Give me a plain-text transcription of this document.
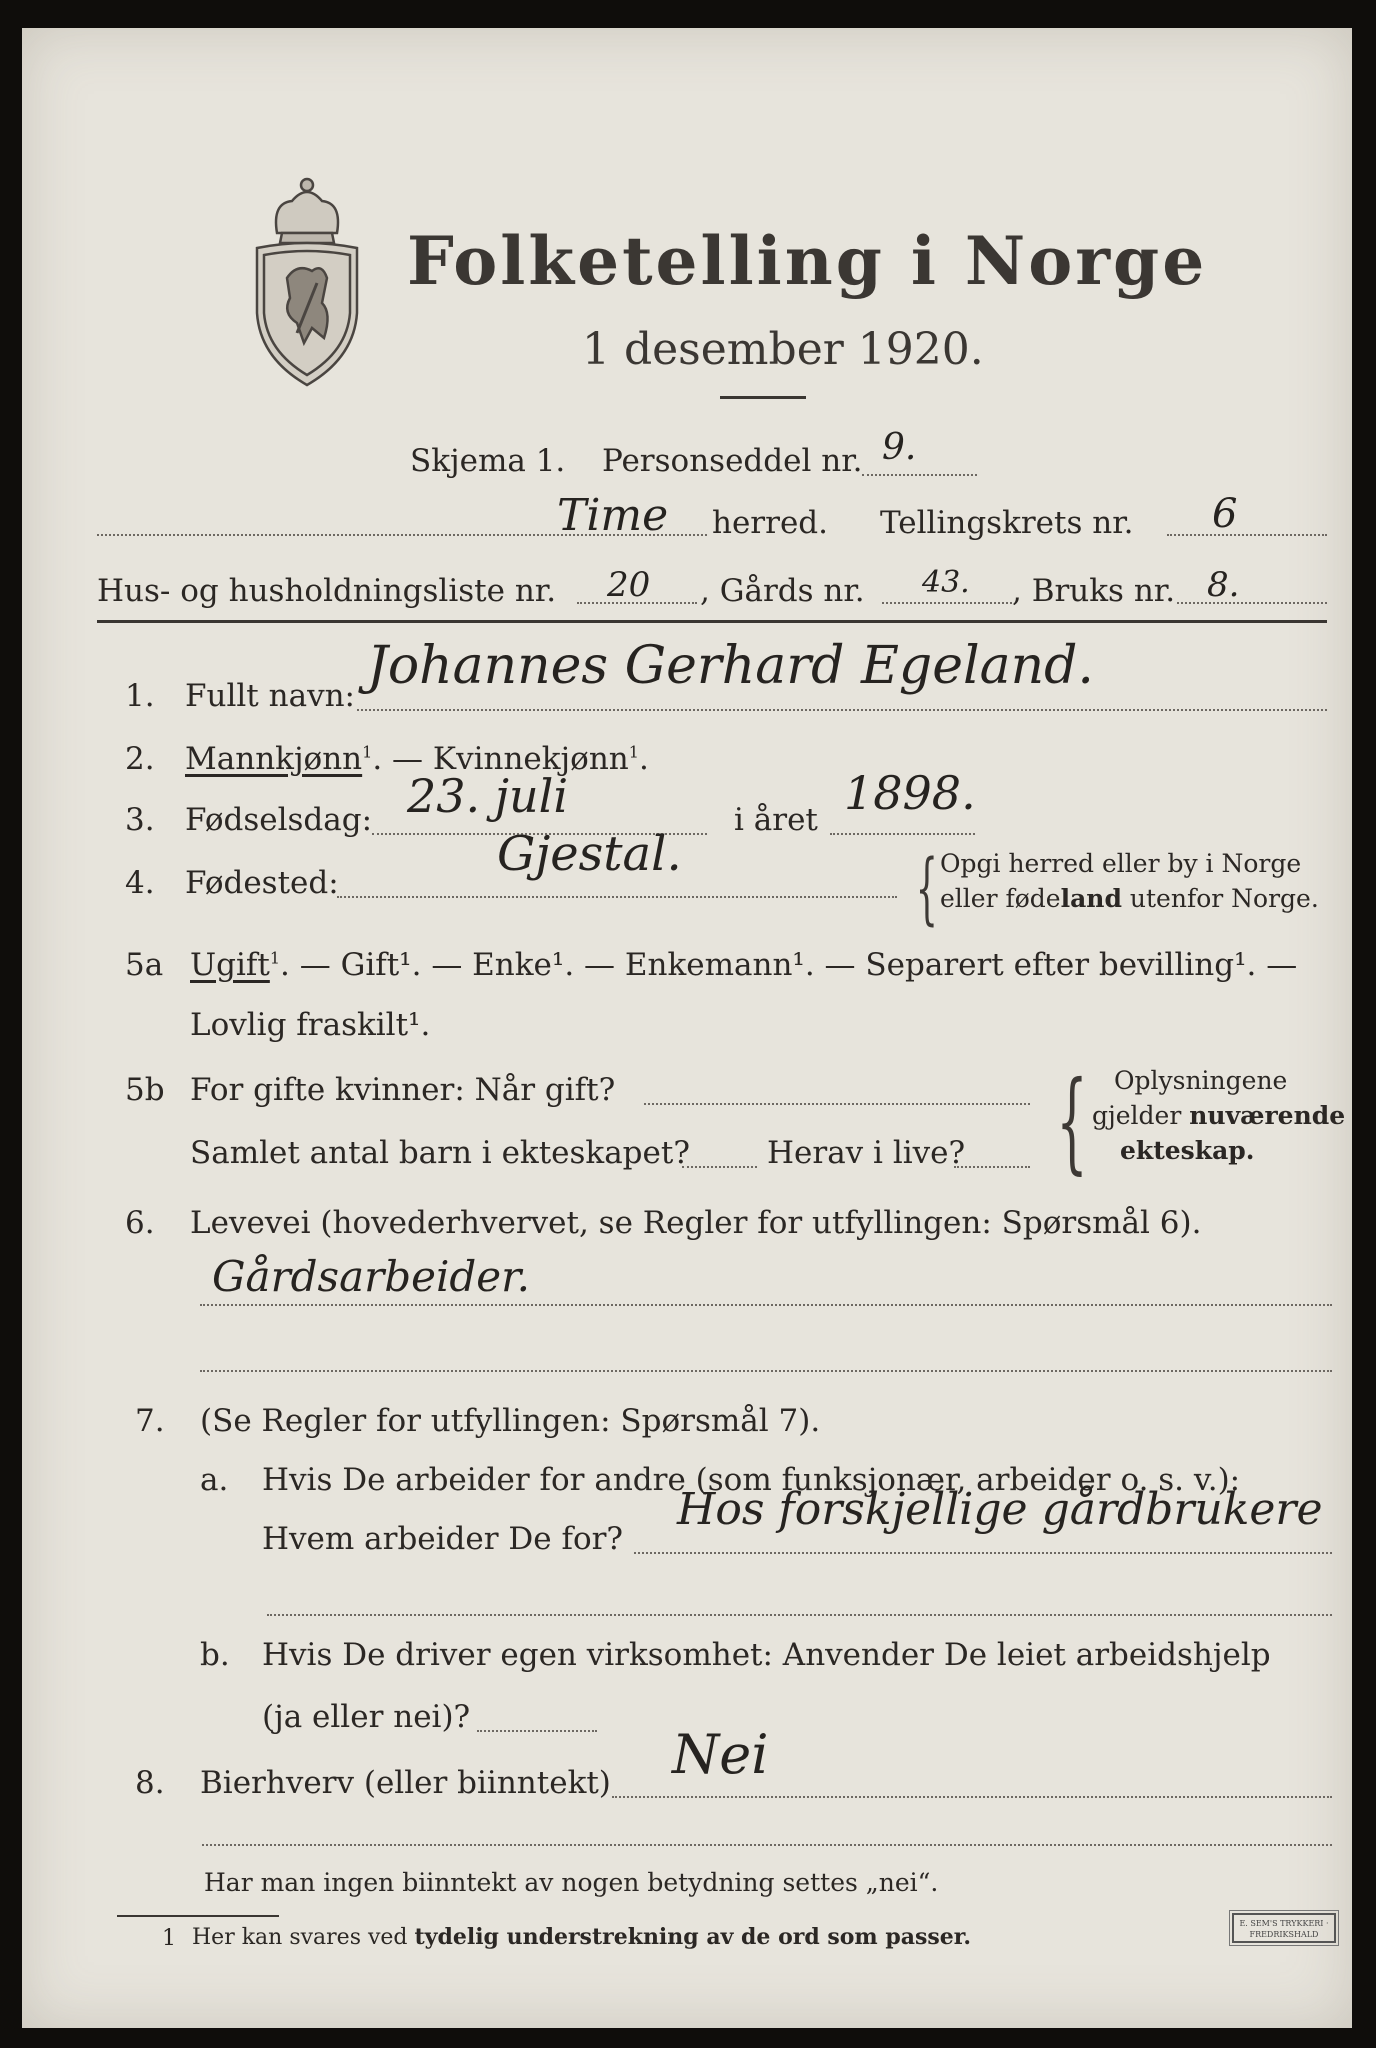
Folketelling i Norge
1 desember 1920.
Skjema 1. Personseddel nr. 9.
Time herred. Tellingskrets nr. 6
Hus- og husholdningsliste nr. 20 , Gårds nr. 43. , Bruks nr. 8.
1. Fullt navn: Johannes Gerhard Egeland.
2. Mannkjønn$^1$. — Kvinnekjønn$^1$.
3. Fødselsdag: 23. juli	i året 1898.
4. Fødested:
Gjestal.	{ Opgi herred eller by i Norge
eller fødeland utenfor Norge.
5a Ugift$^1$. — Gift¹. — Enke¹. — Enkemann¹. — Separert efter bevilling¹. —
Lovlig fraskilt¹.
5b For gifte kvinner: Når gift?
Samlet antal barn i ekteskapet? Herav i live? { Oplysningene
gjelder nuværende
ekteskap.
6. Levevei (hovederhvervet, se Regler for utfyllingen: Spørsmål 6).
Gårdsarbeider.
7. (Se Regler for utfyllingen: Spørsmål 7).
a. Hvis De arbeider for andre (som funksjonær, arbeider o. s. v.):
Hvem arbeider De for?
Hos forskjellige gårdbrukere
b. Hvis De driver egen virksomhet: Anvender De leiet arbeidshjelp
(ja eller nei)?
8. Bierhverv (eller biinntekt) Nei
Har man ingen biinntekt av nogen betydning settes „nei“.
1 Her kan svares ved tydelig understrekning av de ord som passer.
E. SEM'S TRYKKERI · FREDRIKSHALD
